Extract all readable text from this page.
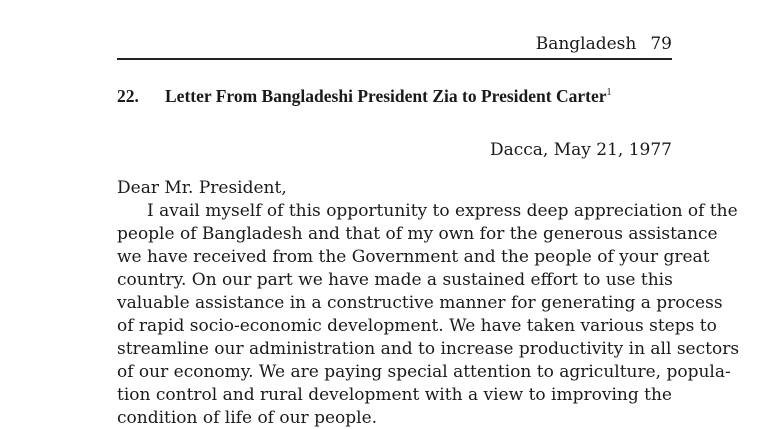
Bangladesh 79
22. Letter From Bangladeshi President Zia to President Carter$^1$
Dacca, May 21, 1977
Dear Mr. President,
I avail myself of this opportunity to express deep appreciation of the
people of Bangladesh and that of my own for the generous assistance
we have received from the Government and the people of your great
country. On our part we have made a sustained effort to use this
valuable assistance in a constructive manner for generating a process
of rapid socio-economic development. We have taken various steps to
streamline our administration and to increase productivity in all sectors
of our economy. We are paying special attention to agriculture, popula-
tion control and rural development with a view to improving the
condition of life of our people.
